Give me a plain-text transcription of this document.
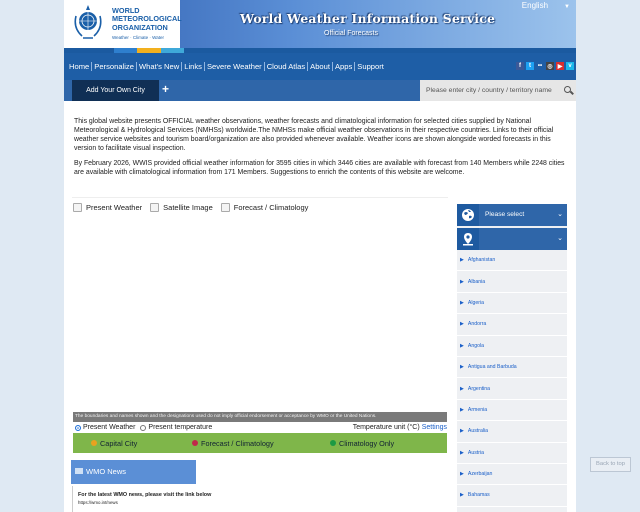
WORLD
METEOROLOGICAL
ORGANIZATION
Weather · Climate · Water
World Weather Information Service
Official Forecasts
English	▼
Home Personalize What's New Links Severe Weather Cloud Atlas About Apps Support	f	t	•• ◎ ▶	v
Add Your Own City	+	Please enter city / country / territory name

This global website presents OFFICIAL weather observations, weather forecasts and climatological information for selected cities supplied by National Meteorological & Hydrological Services (NMHSs) worldwide.The NMHSs make official weather observations in their respective countries. Links to their official weather service websites and tourism board/organization are also provided whenever available. Weather icons are shown alongside worded forecasts in this version to facilitate visual inspection.

By February 2026, WWIS provided official weather information for 3595 cities in which 3446 cities are available with forecast from 140 Members while 2248 cities are available with climatological information from 171 Members. Suggestions to enrich the contents of this website are welcome.

Present Weather	Satellite Image	Forecast / Climatology
The boundaries and names shown and the designations used do not imply official endorsement or acceptance by WMO or the United Nations.
Present Weather Present temperature	Temperature unit (°C) Settings
Capital City	Forecast / Climatology	Climatology Only
WMO News
For the latest WMO news, please visit the link below
https://wmo.int/news
Please select	⌄
⌄
▶ Afghanistan
▶ Albania
▶ Algeria
▶ Andorra
▶ Angola
▶ Antigua and Barbuda
▶ Argentina
▶ Armenia
▶ Australia
▶ Austria
▶ Azerbaijan
▶ Bahamas
Back to top
